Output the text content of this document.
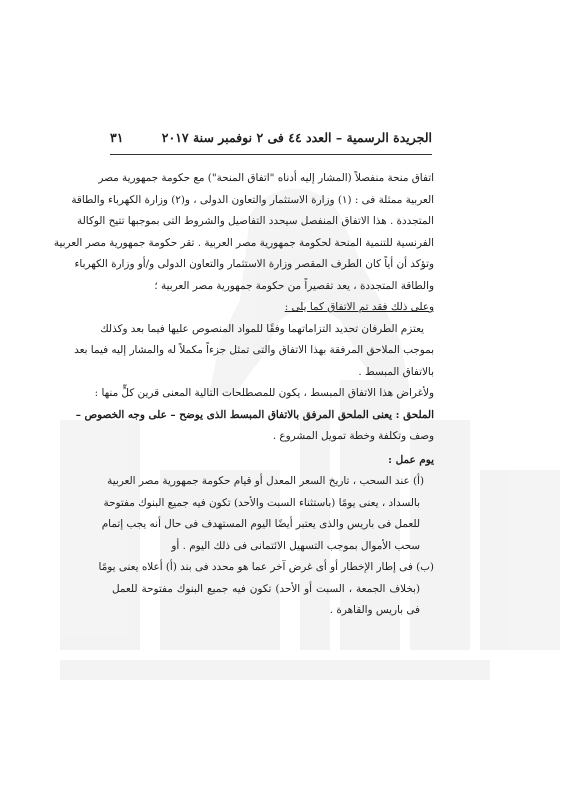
الجريدة الرسمية – العدد ٤٤ فى ٢ نوفمبر سنة ٢٠١٧
٣١
اتفاق منحة منفصلاً (المشار إليه أدناه "اتفاق المنحة") مع حكومة جمهورية مصر
العربية ممثلة فى : (١) وزارة الاستثمار والتعاون الدولى ، و(٢) وزارة الكهرباء والطاقة
المتجددة . هذا الاتفاق المنفصل سيحدد التفاصيل والشروط التى بموجبها تتيح الوكالة
الفرنسية للتنمية المنحة لحكومة جمهورية مصر العربية . تقر حكومة جمهورية مصر العربية
وتؤكد أن أياً كان الطرف المقصر وزارة الاستثمار والتعاون الدولى و/أو وزارة الكهرباء
والطاقة المتجددة ، يعد تقصيراً من حكومة جمهورية مصر العربية ؛
وعلى ذلك فقد تم الاتفاق كما يلى :
يعتزم الطرفان تحديد التزاماتهما وفقًا للمواد المنصوص عليها فيما بعد وكذلك
بموجب الملاحق المرفقة بهذا الاتفاق والتى تمثل جزءاً مكملاً له والمشار إليه فيما بعد
بالاتفاق المبسط .
ولأغراض هذا الاتفاق المبسط ، يكون للمصطلحات التالية المعنى قرين كلٍّ منها :
الملحق : يعنى الملحق المرفق بالاتفاق المبسط الذى يوضح – على وجه الخصوص –
وصف وتكلفة وخطة تمويل المشروع .
يوم عمل :
(أ) عند السحب ، تاريخ السعر المعدل أو قيام حكومة جمهورية مصر العربية
بالسداد ، يعنى يومًا (باستثناء السبت والأحد) تكون فيه جميع البنوك مفتوحة
للعمل فى باريس والذى يعتبر أيضًا اليوم المستهدف فى حال أنه يجب إتمام
سحب الأموال بموجب التسهيل الائتمانى فى ذلك اليوم . أو
(ب) فى إطار الإخطار أو أى غرض آخر عما هو محدد فى بند (أ) أعلاه يعنى يومًا
(بخلاف الجمعة ، السبت أو الأحد) تكون فيه جميع البنوك مفتوحة للعمل
فى باريس والقاهرة .
